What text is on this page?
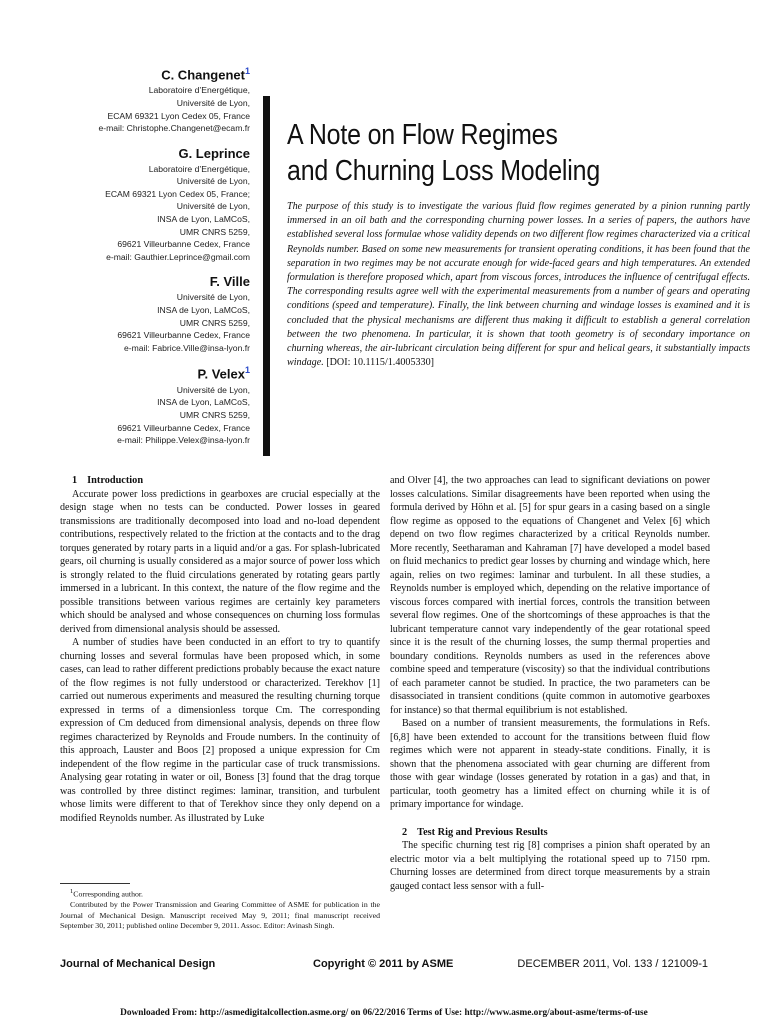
C. Changenet$^1$
Laboratoire d’Energétique,
Université de Lyon,
ECAM 69321 Lyon Cedex 05, France
e-mail: Christophe.Changenet@ecam.fr
G. Leprince
Laboratoire d’Energétique,
Université de Lyon,
ECAM 69321 Lyon Cedex 05, France;
Université de Lyon,
INSA de Lyon, LaMCoS,
UMR CNRS 5259,
69621 Villeurbanne Cedex, France
e-mail: Gauthier.Leprince@gmail.com
F. Ville
Université de Lyon,
INSA de Lyon, LaMCoS,
UMR CNRS 5259,
69621 Villeurbanne Cedex, France
e-mail: Fabrice.Ville@insa-lyon.fr
P. Velex$^1$
Université de Lyon,
INSA de Lyon, LaMCoS,
UMR CNRS 5259,
69621 Villeurbanne Cedex, France
e-mail: Philippe.Velex@insa-lyon.fr
A Note on Flow Regimes
and Churning Loss Modeling
The purpose of this study is to investigate the various fluid flow regimes generated by a pinion running partly immersed in an oil bath and the corresponding churning power losses. In a series of papers, the authors have established several loss formulae whose validity depends on two different flow regimes characterized via a critical Reynolds number. Based on some new measurements for transient operating conditions, it has been found that the separation in two regimes may be not accurate enough for wide-faced gears and high temperatures. An extended formulation is therefore proposed which, apart from viscous forces, introduces the influence of centrifugal effects. The corresponding results agree well with the experimental measurements from a number of gears and operating conditions (speed and temperature). Finally, the link between churning and windage losses is examined and it is concluded that the physical mechanisms are different thus making it difficult to establish a general correlation between the two phenomena. In particular, it is shown that tooth geometry is of secondary importance on churning whereas, the air-lubricant circulation being different for spur and helical gears, it substantially impacts windage. [DOI: 10.1115/1.4005330]

1 Introduction

Accurate power loss predictions in gearboxes are crucial especially at the design stage when no tests can be conducted. Power losses in geared transmissions are traditionally decomposed into load and no-load dependent contributions, respectively related to the friction at the contacts and to the drag torques generated by rotary parts in a liquid and/or a gas. For splash-lubricated gears, oil churning is usually considered as a major source of power loss which is strongly related to the fluid circulations generated by rotating gears partly immersed in a lubricant. In this context, the nature of the flow regime and the possible transitions between various regimes are certainly key parameters which should be analysed and whose consequences on churning loss formulas derived from dimensional analysis should be assessed.

A number of studies have been conducted in an effort to try to quantify churning losses and several formulas have been proposed which, in some cases, can lead to rather different predictions probably because the exact nature of the flow regimes is not fully understood or characterized. Terekhov [1] carried out numerous experiments and measured the resulting churning torque expressed in terms of a dimensionless torque Cm. The corresponding expression of Cm deduced from dimensional analysis, depends on three flow regimes characterized by Reynolds and Froude numbers. In the continuity of this approach, Lauster and Boos [2] proposed a unique expression for Cm independent of the flow regime in the particular case of truck transmissions. Analysing gear rotating in water or oil, Boness [3] found that the drag torque was controlled by three distinct regimes: laminar, transition, and turbulent whose limits were different to that of Terekhov since they only depend on a modified Reynolds number. As illustrated by Luke

and Olver [4], the two approaches can lead to significant deviations on power losses calculations. Similar disagreements have been reported when using the formula derived by Höhn et al. [5] for spur gears in a casing based on a single flow regime as opposed to the equations of Changenet and Velex [6] which depend on two flow regimes characterized by a critical Reynolds number. More recently, Seetharaman and Kahraman [7] have developed a model based on fluid mechanics to predict gear losses by churning and windage which, here again, relies on two regimes: laminar and turbulent. In all these studies, a Reynolds number is employed which, depending on the relative importance of viscous forces compared with inertial forces, controls the transition between several flow regimes. One of the shortcomings of these approaches is that the lubricant temperature cannot vary independently of the gear rotational speed since it is the result of the churning losses, the sump thermal properties and boundary conditions. Reynolds numbers as used in the references above combine speed and temperature (viscosity) so that the individual contributions of each parameter cannot be studied. In practice, the two parameters can be disassociated in transient conditions (quite common in automotive gearboxes for instance) so that thermal equilibrium is not established.

Based on a number of transient measurements, the formulations in Refs. [6,8] have been extended to account for the transitions between fluid flow regimes which were not apparent in steady-state conditions. Finally, it is shown that the phenomena associated with gear churning are different from those with gear windage (losses generated by rotation in a gas) and that, in particular, tooth geometry has a limited effect on churning while it is of primary importance for windage.

2 Test Rig and Previous Results

The specific churning test rig [8] comprises a pinion shaft operated by an electric motor via a belt multiplying the rotational speed up to 7150 rpm. Churning losses are determined from direct torque measurements by a strain gauged contact less sensor with a full-

$^1$Corresponding author.

Contributed by the Power Transmission and Gearing Committee of ASME for publication in the Journal of Mechanical Design. Manuscript received May 9, 2011; final manuscript received September 30, 2011; published online December 9, 2011. Assoc. Editor: Avinash Singh.

Journal of Mechanical Design	Copyright © 2011 by ASME	DECEMBER 2011, Vol. 133 / 121009-1
Downloaded From: http://asmedigitalcollection.asme.org/ on 06/22/2016 Terms of Use: http://www.asme.org/about-asme/terms-of-use
